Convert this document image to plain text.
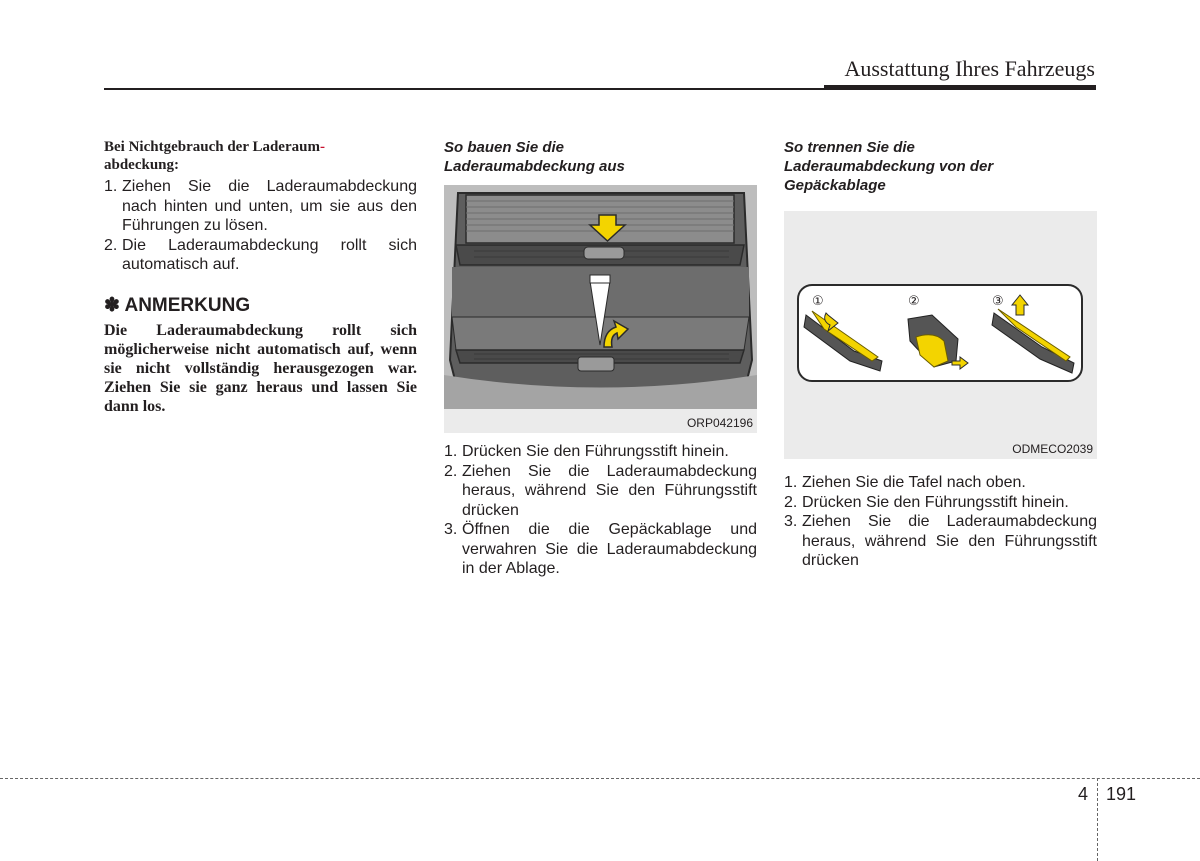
Ausstattung Ihres Fahrzeugs
Bei Nichtgebrauch der Laderaum-
abdeckung:
1. Ziehen Sie die Laderaumabdeckung nach hinten und unten, um sie aus den Führungen zu lösen.
2. Die Laderaumabdeckung rollt sich automatisch auf.
✽ ANMERKUNG
Die Laderaumabdeckung rollt sich möglicherweise nicht automatisch auf, wenn sie nicht vollständig herausgezogen war. Ziehen Sie sie ganz heraus und lassen Sie dann los.
So bauen Sie die Laderaumabdeckung aus
ORP042196
1. Drücken Sie den Führungsstift hinein.
2. Ziehen Sie die Laderaumabdeckung heraus, während Sie den Führungsstift drücken
3. Öffnen die die Gepäckablage und verwahren Sie die Laderaumabdeckung in der Ablage.
So trennen Sie die Laderaumabdeckung von der Gepäckablage
①	②	③
ODMECO2039
1. Ziehen Sie die Tafel nach oben.
2. Drücken Sie den Führungsstift hinein.
3. Ziehen Sie die Laderaumabdeckung heraus, während Sie den Führungsstift drücken
4 191
